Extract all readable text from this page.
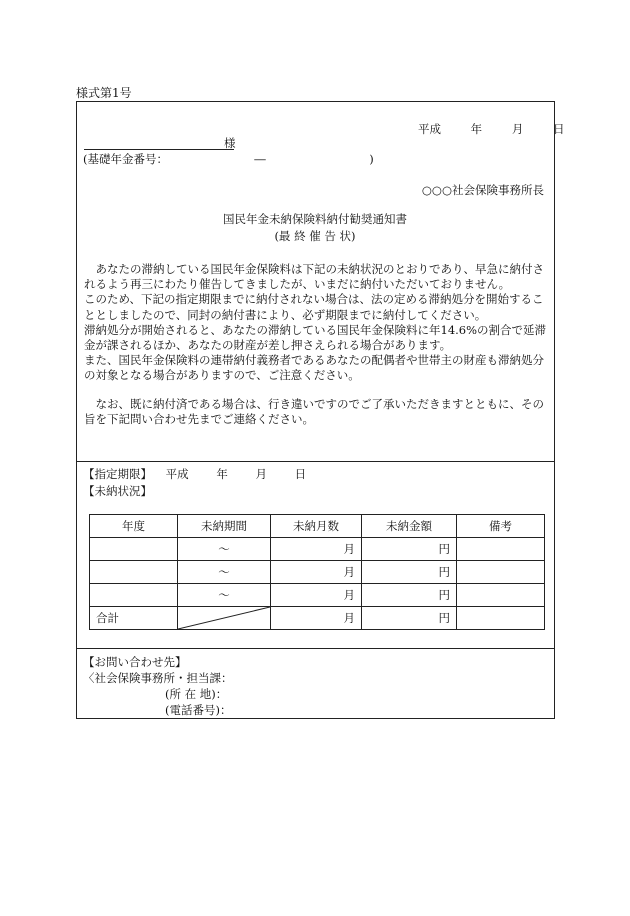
様式第1号
平成	年	月	日
様
(基礎年金番号：　　　　　　　　―　　　　　　　　　)
○○○社会保険事務所長
国民年金未納保険料納付勧奨通知書
(最 終 催 告 状)

　あなたの滞納している国民年金保険料は下記の未納状況のとおりであり、早急に納付されるよう再三にわたり催告してきましたが、いまだに納付いただいておりません。

このため、下記の指定期限までに納付されない場合は、法の定める滞納処分を開始することとしましたので、同封の納付書により、必ず期限までに納付してください。

滞納処分が開始されると、あなたの滞納している国民年金保険料に年14.6%の割合で延滞金が課されるほか、あなたの財産が差し押さえられる場合があります。

また、国民年金保険料の連帯納付義務者であるあなたの配偶者や世帯主の財産も滞納処分の対象となる場合がありますので、ご注意ください。

　なお、既に納付済である場合は、行き違いですのでご了承いただきますとともに、その旨を下記問い合わせ先までご連絡ください。

【指定期限】 平成 年 月 日
【未納状況】
年度	未納期間	未納月数	未納金額	備考
	～	月	円	
	～	月	円	
	～	月	円	
合計		月	円	
【お問い合わせ先】
〈社会保険事務所・担当課：
(所 在 地)：
(電話番号)：
